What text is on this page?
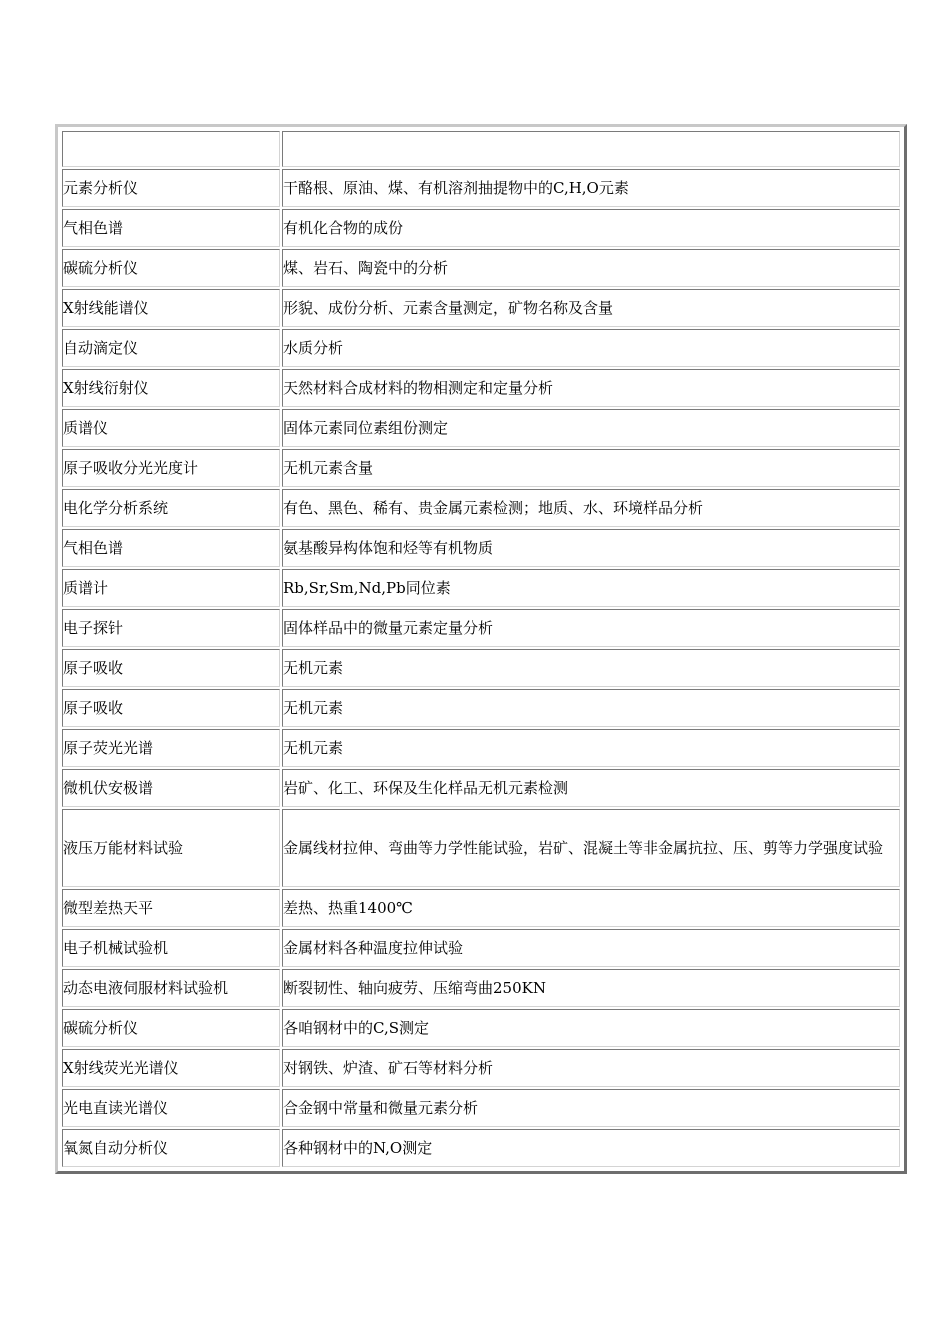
元素分析仪	干酪根、原油、煤、有机溶剂抽提物中的C,H,O元素
气相色谱	有机化合物的成份
碳硫分析仪	煤、岩石、陶瓷中的分析
X射线能谱仪	形貌、成份分析、元素含量测定，矿物名称及含量
自动滴定仪	水质分析
X射线衍射仪	天然材料合成材料的物相测定和定量分析
质谱仪	固体元素同位素组份测定
原子吸收分光光度计	无机元素含量
电化学分析系统	有色、黑色、稀有、贵金属元素检测；地质、水、环境样品分析
气相色谱	氨基酸异构体饱和烃等有机物质
质谱计	Rb,Sr,Sm,Nd,Pb同位素
电子探针	固体样品中的微量元素定量分析
原子吸收	无机元素
原子吸收	无机元素
原子荧光光谱	无机元素
微机伏安极谱	岩矿、化工、环保及生化样品无机元素检测
液压万能材料试验	金属线材拉伸、弯曲等力学性能试验，岩矿、混凝土等非金属抗拉、压、剪等力学强度试验
微型差热天平	差热、热重1400℃
电子机械试验机	金属材料各种温度拉伸试验
动态电液伺服材料试验机	断裂韧性、轴向疲劳、压缩弯曲250KN
碳硫分析仪	各咱钢材中的C,S测定
X射线荧光光谱仪	对钢铁、炉渣、矿石等材料分析
光电直读光谱仪	合金钢中常量和微量元素分析
氧氮自动分析仪	各种钢材中的N,O测定
